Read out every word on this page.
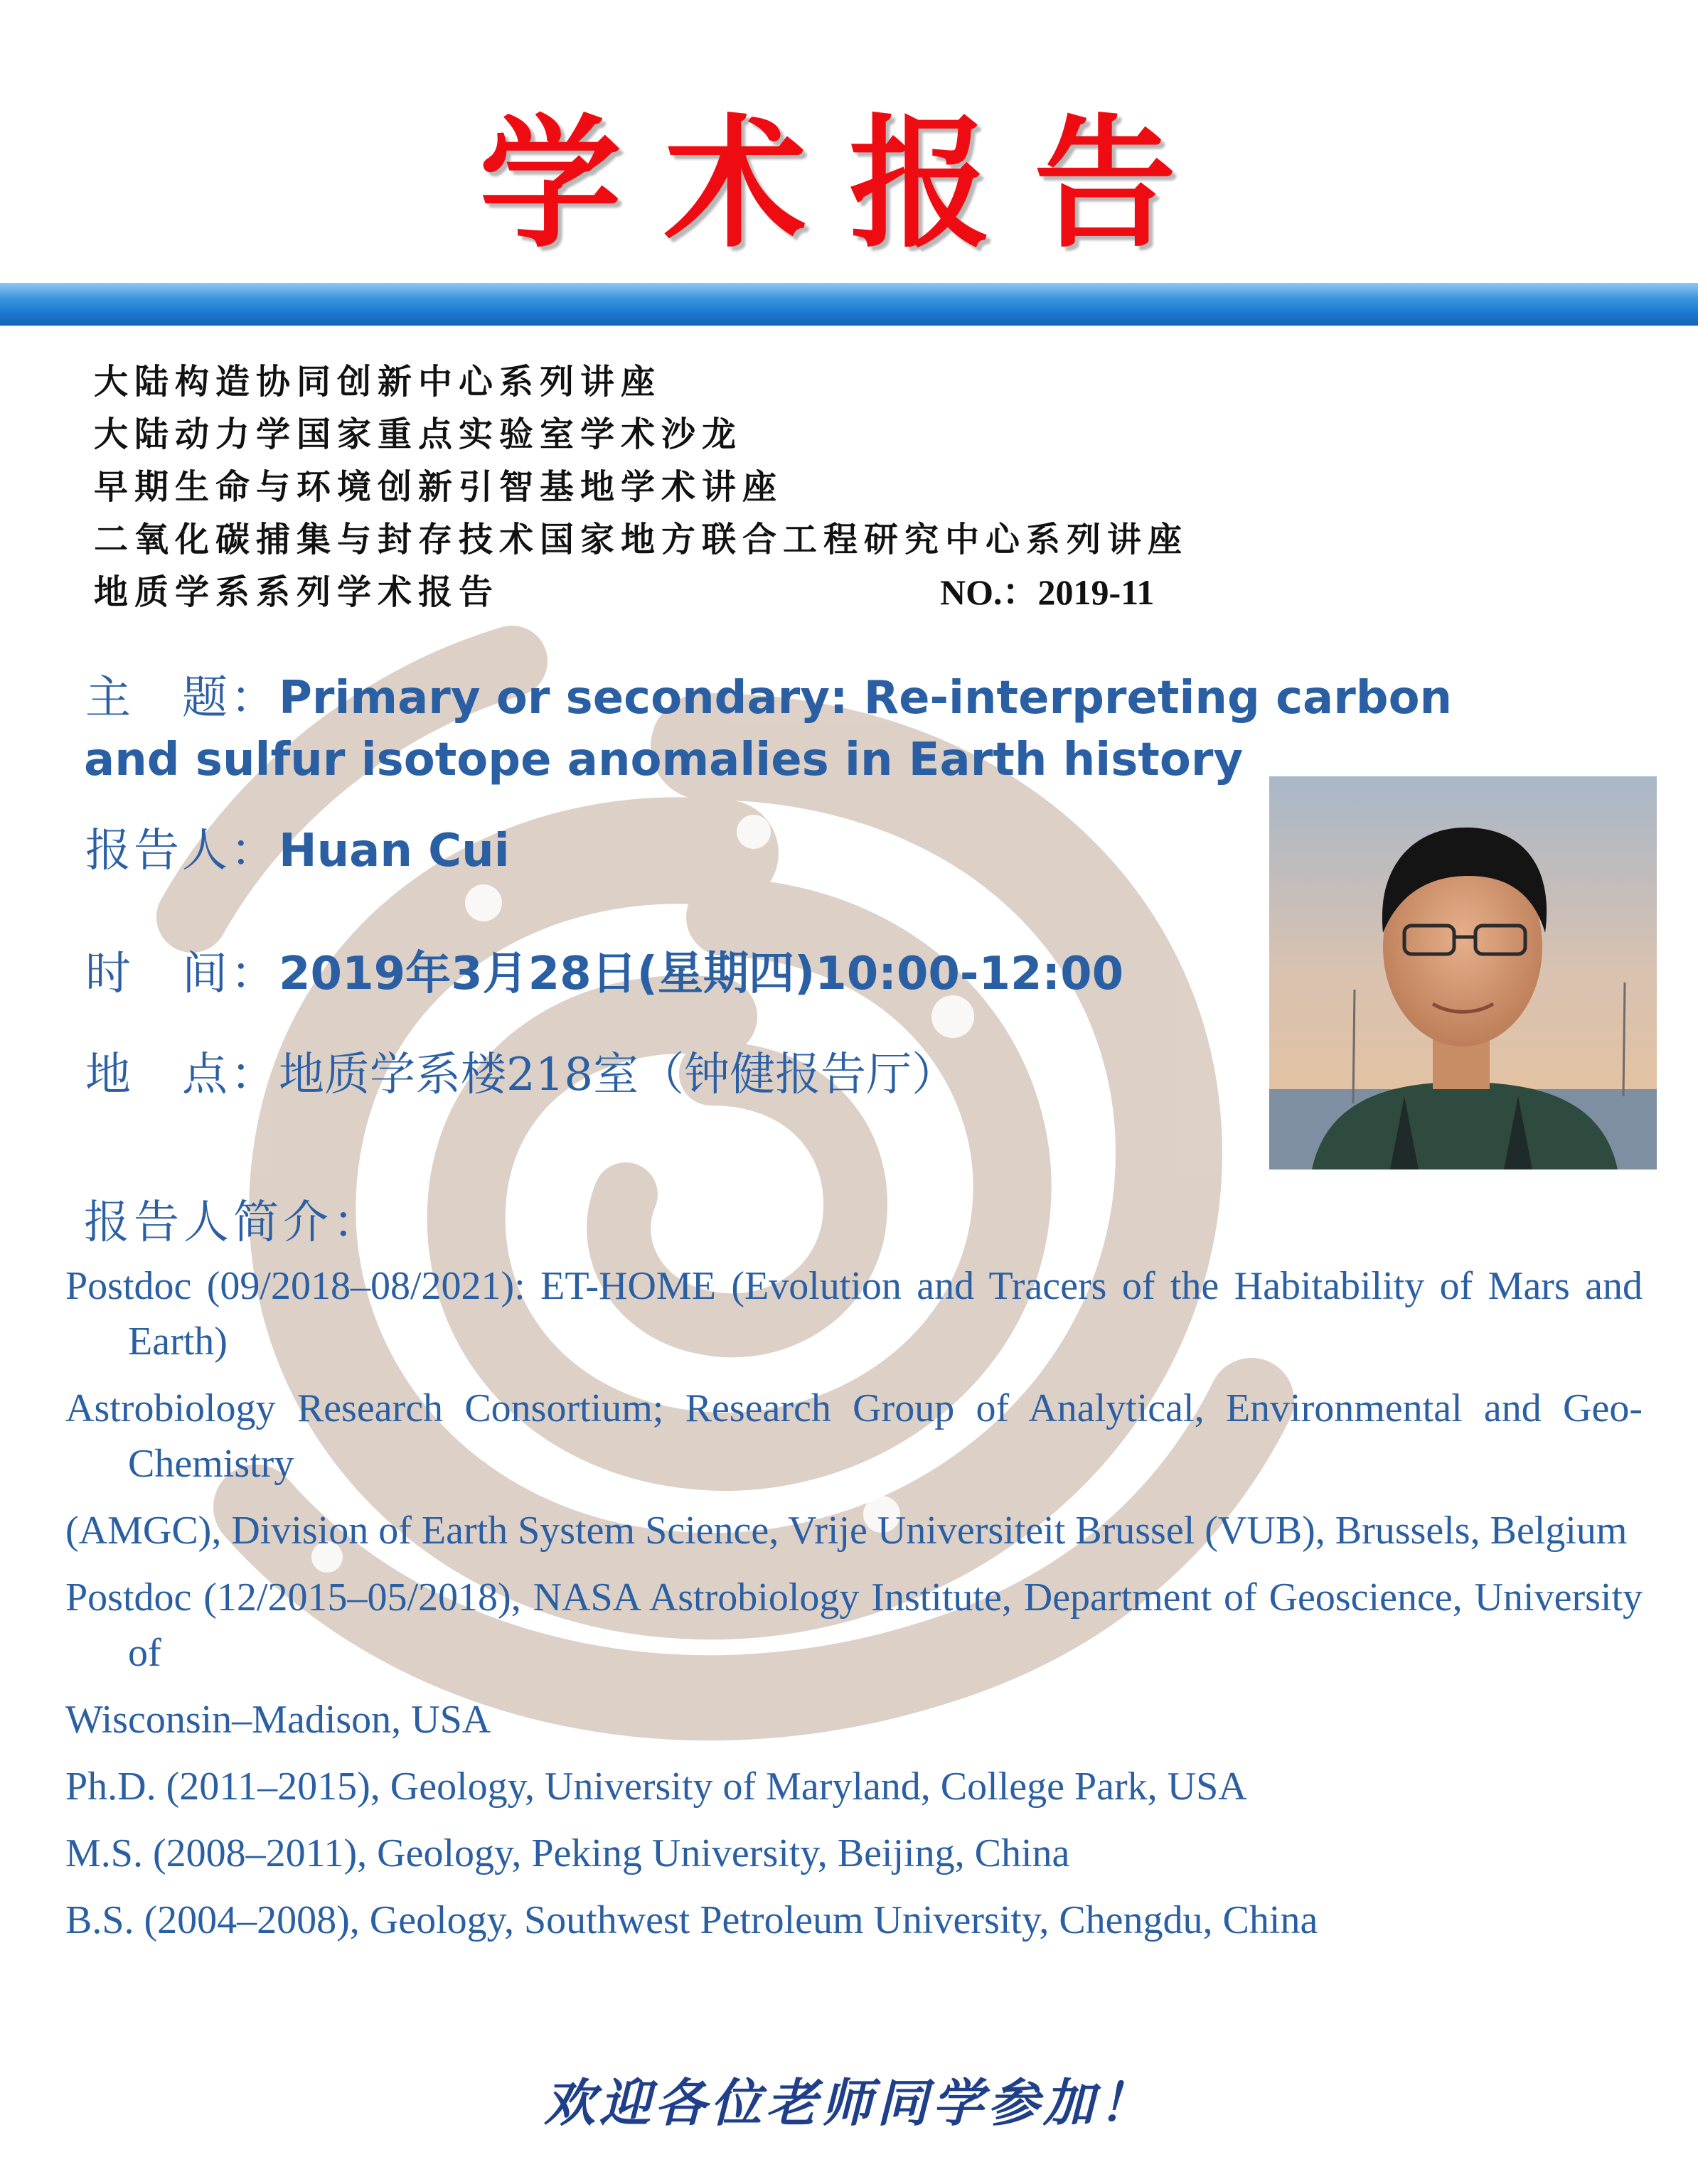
学术报告
大陆构造协同创新中心系列讲座
大陆动力学国家重点实验室学术沙龙
早期生命与环境创新引智基地学术讲座
二氧化碳捕集与封存技术国家地方联合工程研究中心系列讲座
地质学系系列学术报告	NO.：2019-11
主　题：Primary or secondary: Re-interpreting carbon
and sulfur isotope anomalies in Earth history
报告人：Huan Cui
时　间：2019年3月28日(星期四)10:00-12:00
地　点：地质学系楼218室（钟健报告厅）
报告人简介：
Postdoc (09/2018–08/2021): ET-HOME (Evolution and Tracers of the Habitability of Mars and Earth)
Astrobiology Research Consortium; Research Group of Analytical, Environmental and Geo- Chemistry
(AMGC), Division of Earth System Science, Vrije Universiteit Brussel (VUB), Brussels, Belgium
Postdoc (12/2015–05/2018), NASA Astrobiology Institute, Department of Geoscience, University of
Wisconsin–Madison, USA
Ph.D. (2011–2015), Geology, University of Maryland, College Park, USA
M.S. (2008–2011), Geology, Peking University, Beijing, China
B.S. (2004–2008), Geology, Southwest Petroleum University, Chengdu, China
欢迎各位老师同学参加！
